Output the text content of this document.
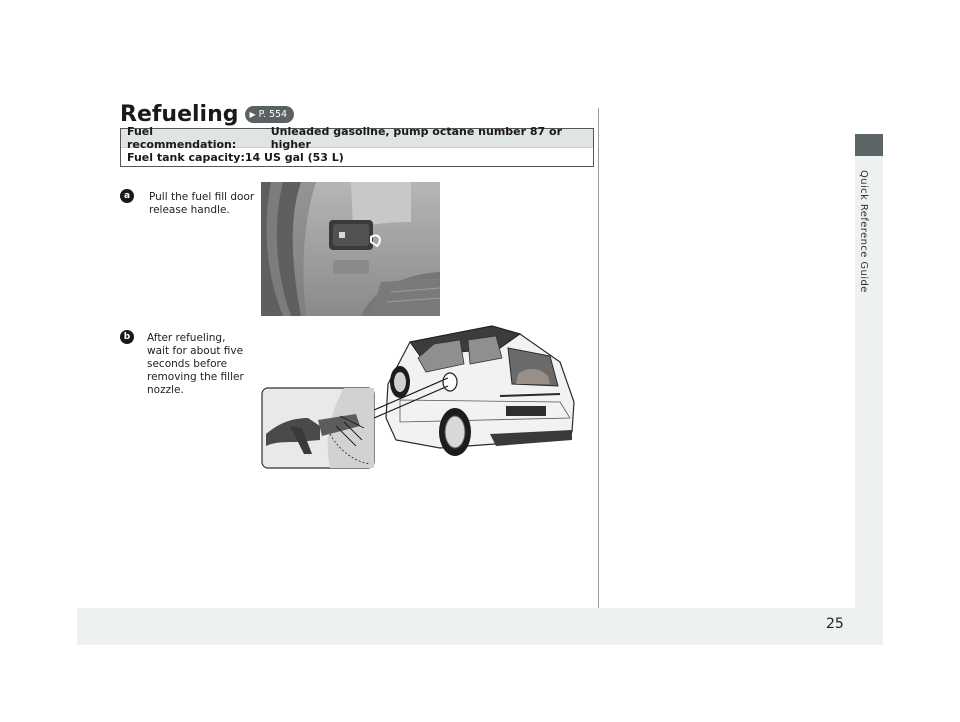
25
Quick Reference Guide
Refueling ▶ P. 554
Fuel recommendation:
Unleaded gasoline, pump octane number 87 or higher
Fuel tank capacity: 14 US gal (53 L)
a	Pull the fuel fill door
release handle.
b	After refueling,
wait for about five
seconds before
removing the filler
nozzle.
